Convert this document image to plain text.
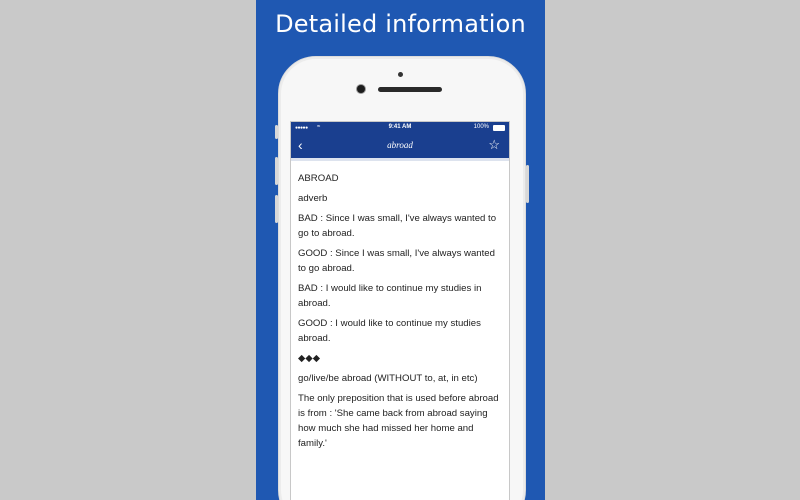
Detailed information
●●●●● ≈	9:41 AM	100%
‹	abroad	☆

ABROAD

adverb

BAD : Since I was small, I've always wanted to go to abroad.

GOOD : Since I was small, I've always wanted to go abroad.

BAD : I would like to continue my studies in abroad.

GOOD : I would like to continue my studies abroad.

◆◆◆

go/live/be abroad (WITHOUT to, at, in etc)

The only preposition that is used before abroad is from : 'She came back from abroad saying how much she had missed her home and family.'
